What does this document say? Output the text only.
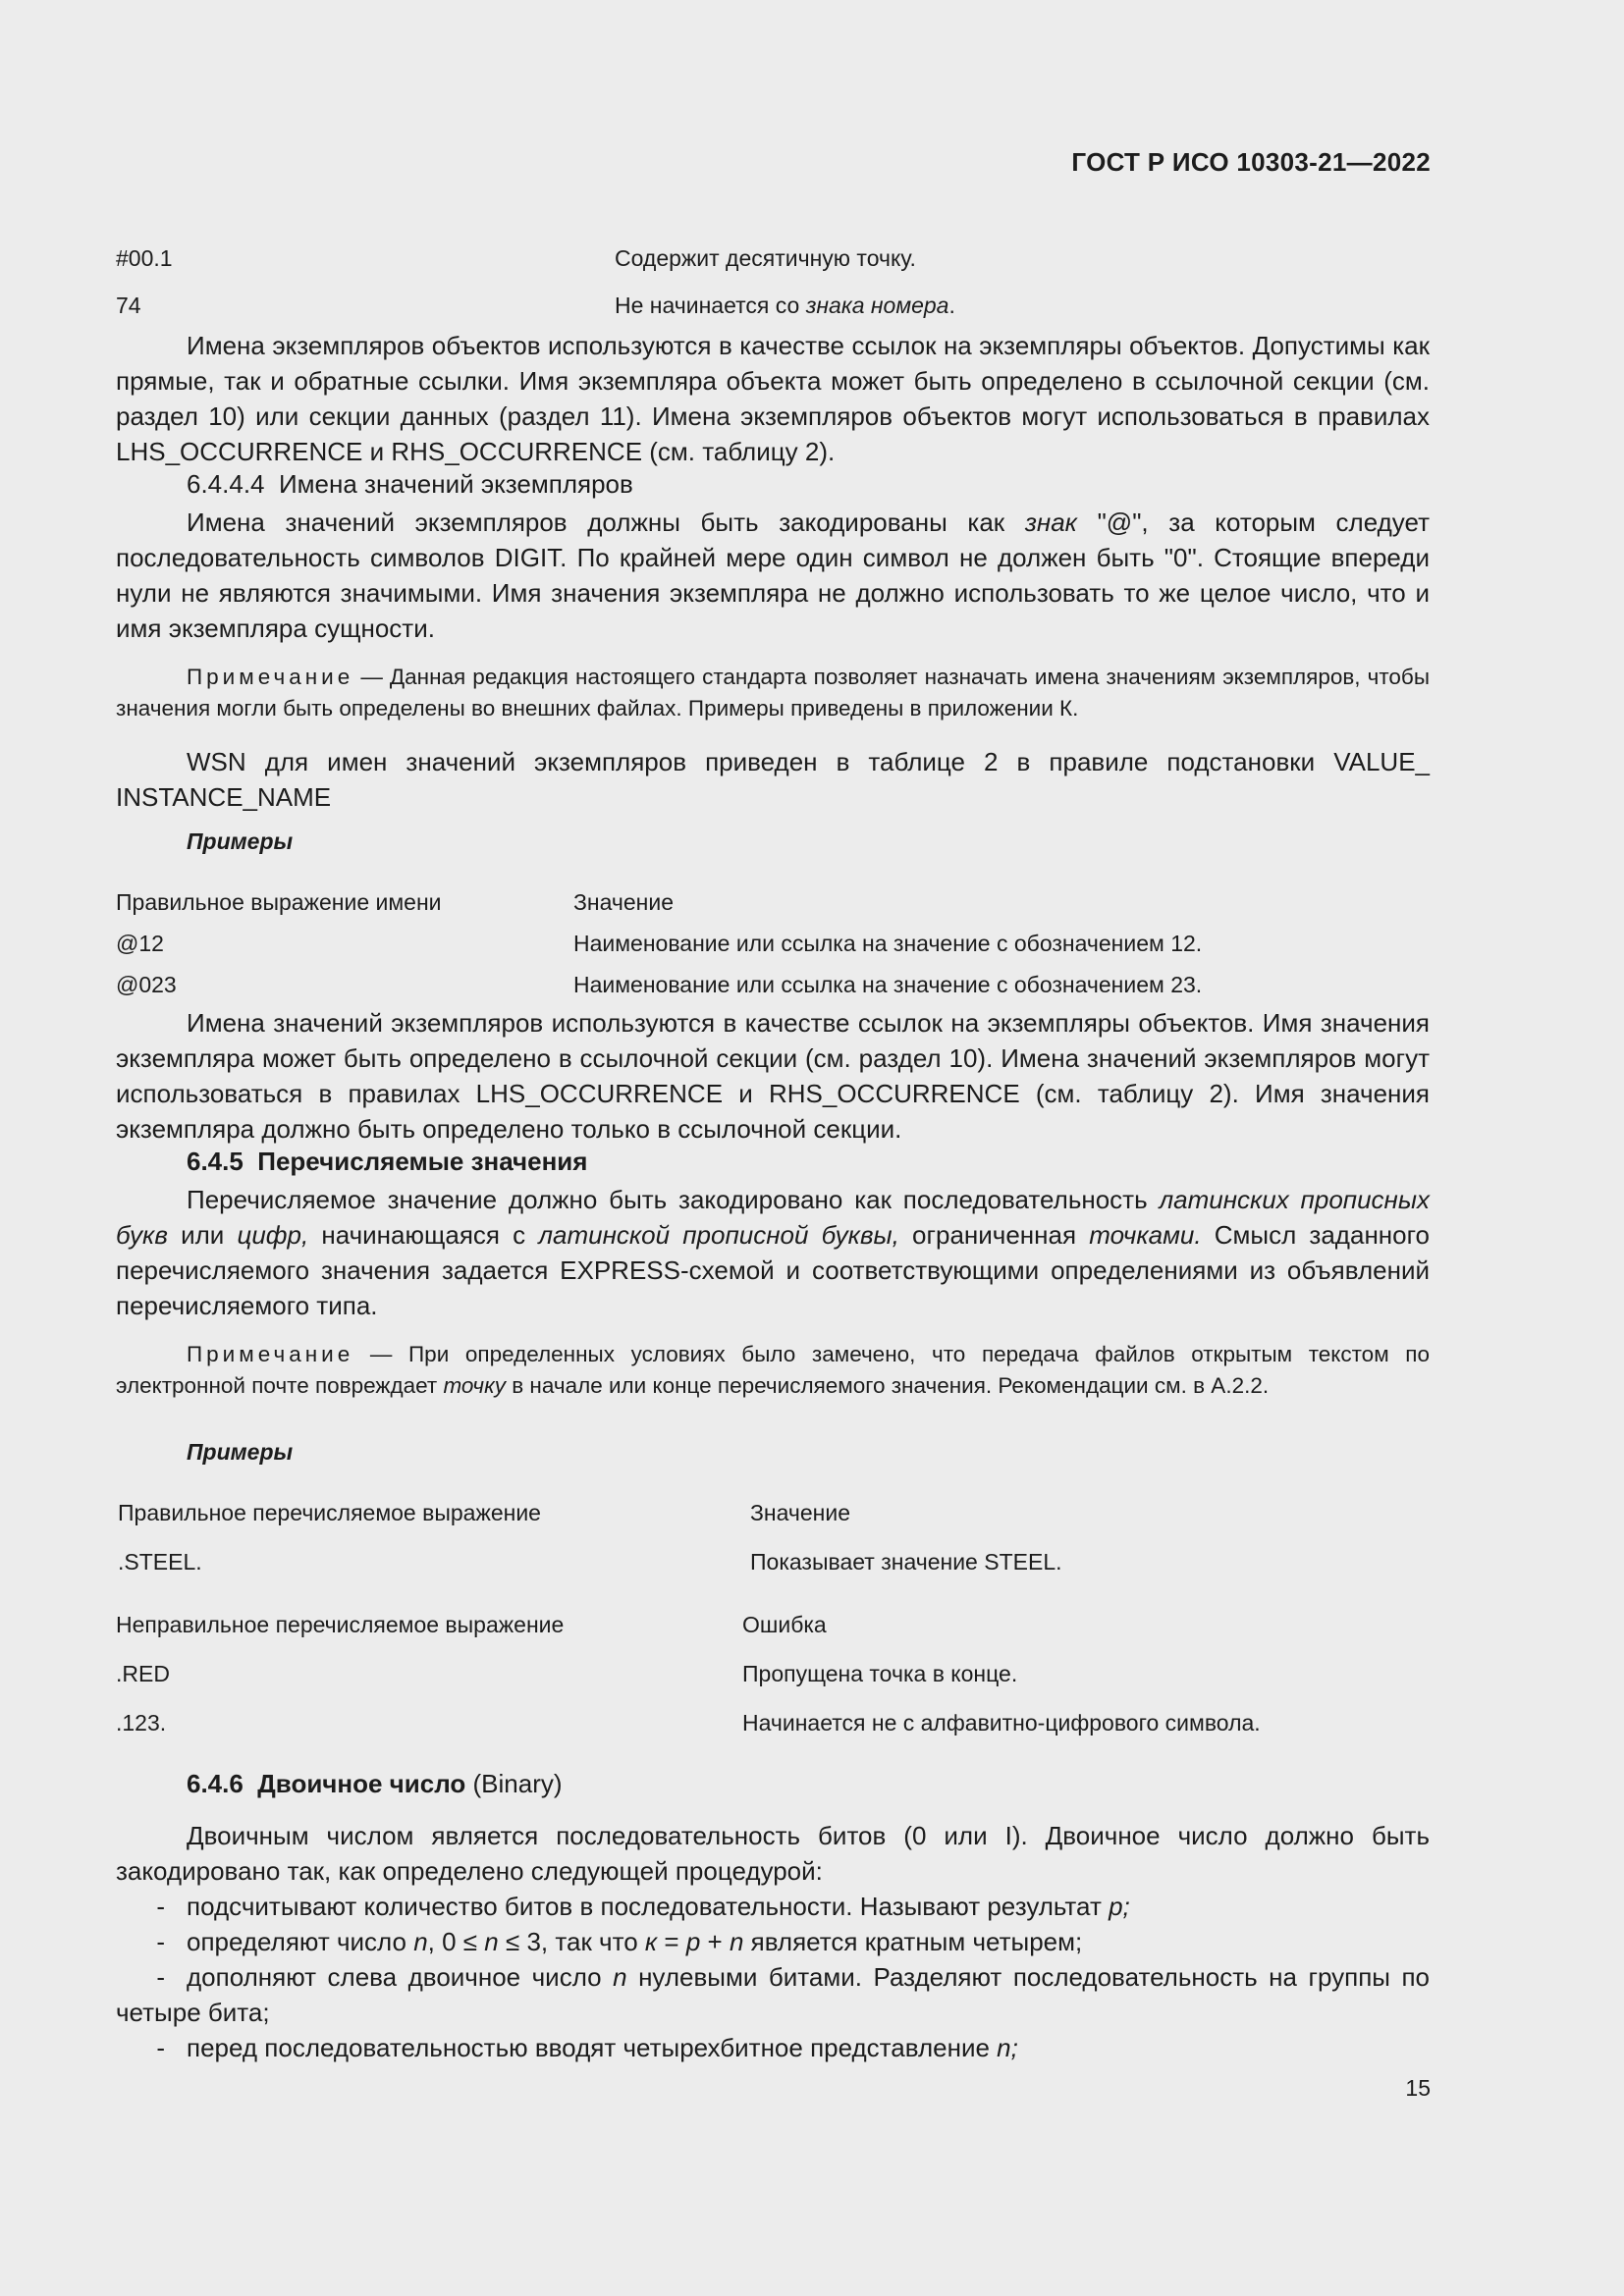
ГОСТ Р ИСО 10303-21—2022
#00.1	Содержит десятичную точку.
74	Не начинается со знака номера.
Имена экземпляров объектов используются в качестве ссылок на экземпляры объектов. Допустимы как прямые, так и обратные ссылки. Имя экземпляра объекта может быть определено в ссылочной секции (см. раздел 10) или секции данных (раздел 11). Имена экземпляров объектов могут использоваться в правилах LHS_OCCURRENCE и RHS_OCCURRENCE (см. таблицу 2).
6.4.4.4 Имена значений экземпляров
Имена значений экземпляров должны быть закодированы как знак "@", за которым следует последовательность символов DIGIT. По крайней мере один символ не должен быть "0". Стоящие впереди нули не являются значимыми. Имя значения экземпляра не должно использовать то же целое число, что и имя экземпляра сущности.
Примечание — Данная редакция настоящего стандарта позволяет назначать имена значениям экземпляров, чтобы значения могли быть определены во внешних файлах. Примеры приведены в приложении К.
WSN для имен значений экземпляров приведен в таблице 2 в правиле подстановки VALUE_ INSTANCE_NAME
Примеры
Правильное выражение имени	Значение
@12	Наименование или ссылка на значение с обозначением 12.
@023	Наименование или ссылка на значение с обозначением 23.
Имена значений экземпляров используются в качестве ссылок на экземпляры объектов. Имя значения экземпляра может быть определено в ссылочной секции (см. раздел 10). Имена значений экземпляров могут использоваться в правилах LHS_OCCURRENCE и RHS_OCCURRENCE (см. таблицу 2). Имя значения экземпляра должно быть определено только в ссылочной секции.
6.4.5 Перечисляемые значения
Перечисляемое значение должно быть закодировано как последовательность латинских прописных букв или цифр, начинающаяся с латинской прописной буквы, ограниченная точками. Смысл заданного перечисляемого значения задается EXPRESS-схемой и соответствующими определениями из объявлений перечисляемого типа.
Примечание — При определенных условиях было замечено, что передача файлов открытым текстом по электронной почте повреждает точку в начале или конце перечисляемого значения. Рекомендации см. в А.2.2.
Примеры
Правильное перечисляемое выражение	Значение
.STEEL.	Показывает значение STEEL.
Неправильное перечисляемое выражение	Ошибка
.RED	Пропущена точка в конце.
.123.	Начинается не с алфавитно-цифрового символа.
6.4.6 Двоичное число (Binary)
Двоичным числом является последовательность битов (0 или I). Двоичное число должно быть закодировано так, как определено следующей процедурой:
- подсчитывают количество битов в последовательности. Называют результат р;
- определяют число n, 0 ≤ n ≤ 3, так что к = р + n является кратным четырем;
- дополняют слева двоичное число n нулевыми битами. Разделяют последовательность на группы по четыре бита;
- перед последовательностью вводят четырехбитное представление n;
15
